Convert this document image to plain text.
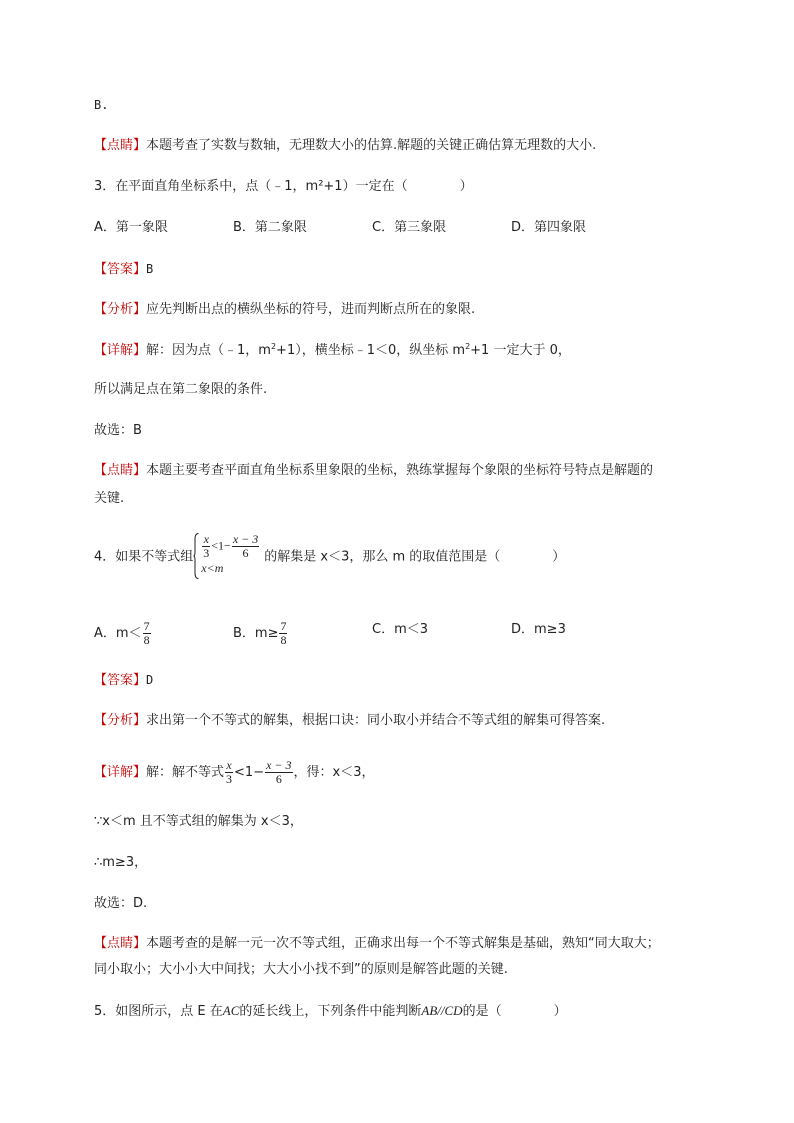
B.
【点睛】本题考查了实数与数轴，无理数大小的估算.解题的关键正确估算无理数的大小.
3．在平面直角坐标系中，点（﹣1，m²+1）一定在（　　　　）
A．第一象限	B．第二象限	C．第三象限	D．第四象限
【答案】B
【分析】应先判断出点的横纵坐标的符号，进而判断点所在的象限.
【详解】解：因为点（﹣1，$m^2+1$），横坐标﹣1＜0，纵坐标 $m^2+1$ 一定大于 0，
所以满足点在第二象限的条件.
故选：B
【点睛】本题主要考查平面直角坐标系里象限的坐标，熟练掌握每个象限的坐标符号特点是解题的
关键.
4．如果不等式组 $\frac{x}{3} <1- \frac{x - 3}{6}$
x<m
的解集是 x＜3，那么 m 的取值范围是（　　　　）
A．$m< \frac{7}{8}$	B．$m\ge \frac{7}{8}$	C．m＜3	D．m≥3
【答案】D
【分析】求出第一个不等式的解集，根据口诀：同小取小并结合不等式组的解集可得答案.
【详解】解：解不等式 $\frac{x}{3} <1- \frac{x - 3}{6}$ ，得：x＜3，
∵x＜m 且不等式组的解集为 x＜3，
∴m≥3，
故选：D.
【点睛】本题考查的是解一元一次不等式组，正确求出每一个不等式解集是基础，熟知“同大取大；
同小取小；大小小大中间找；大大小小找不到”的原则是解答此题的关键.
5．如图所示，点 E 在AC的延长线上，下列条件中能判断AB//CD的是（　　　　）
